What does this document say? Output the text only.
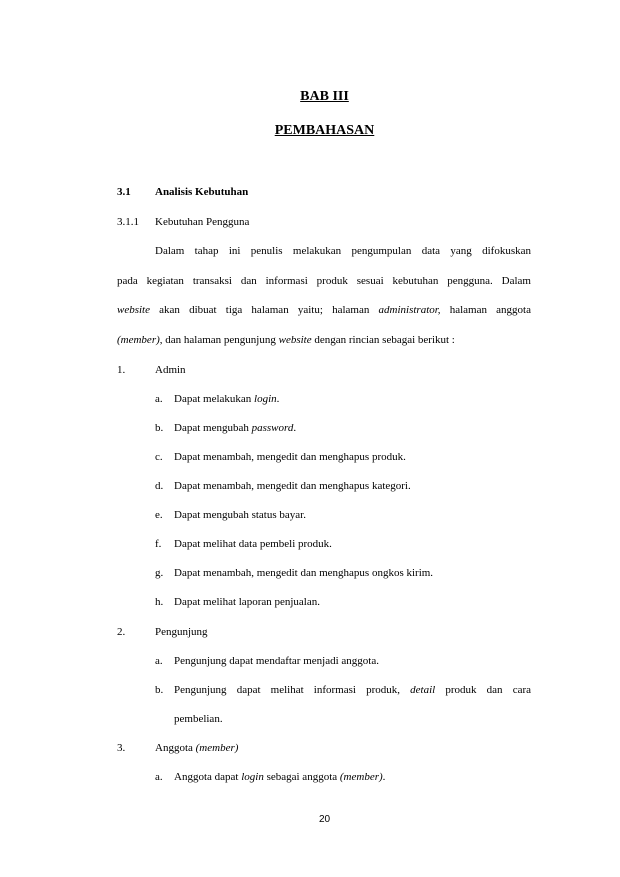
BAB III
PEMBAHASAN
3.1 Analisis Kebutuhan
3.1.1 Kebutuhan Pengguna
Dalam tahap ini penulis melakukan pengumpulan data yang difokuskan
pada kegiatan transaksi dan informasi produk sesuai kebutuhan pengguna. Dalam
website akan dibuat tiga halaman yaitu; halaman administrator, halaman anggota
(member), dan halaman pengunjung website dengan rincian sebagai berikut :
1.	Admin
a. Dapat melakukan login.
b. Dapat mengubah password.
c. Dapat menambah, mengedit dan menghapus produk.
d. Dapat menambah, mengedit dan menghapus kategori.
e. Dapat mengubah status bayar.
f. Dapat melihat data pembeli produk.
g. Dapat menambah, mengedit dan menghapus ongkos kirim.
h. Dapat melihat laporan penjualan.
2.	Pengunjung
a. Pengunjung dapat mendaftar menjadi anggota.
b. Pengunjung dapat melihat informasi produk, detail produk dan cara
pembelian.
3.	Anggota (member)
a. Anggota dapat login sebagai anggota (member).
20
